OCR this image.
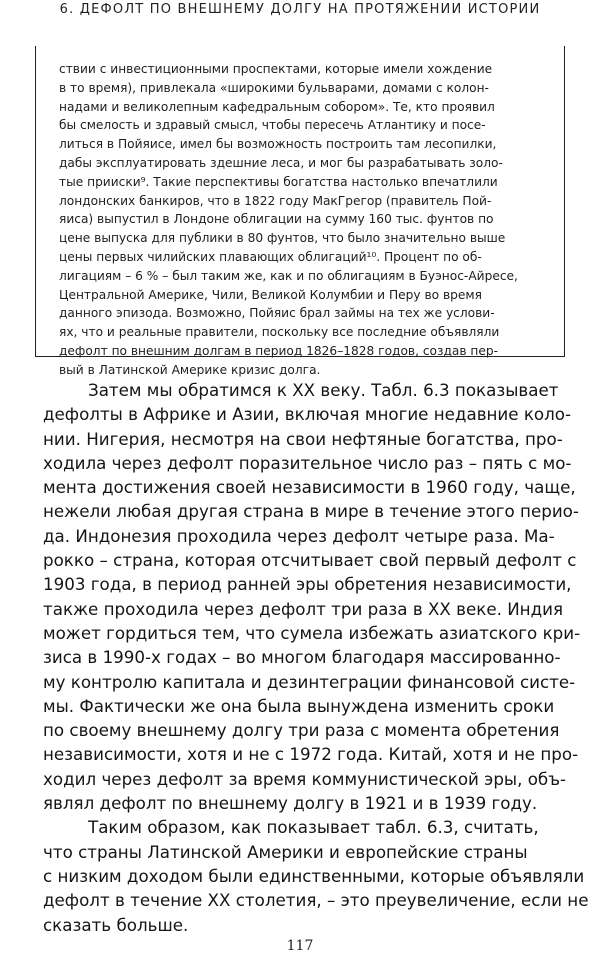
6. ДЕФОЛТ ПО ВНЕШНЕМУ ДОЛГУ НА ПРОТЯЖЕНИИ ИСТОРИИ
ствии с инвестиционными проспектами, которые имели хождение
в то время), привлекала «широкими бульварами, домами с колон-
надами и великолепным кафедральным собором». Те, кто проявил
бы смелость и здравый смысл, чтобы пересечь Атлантику и посе-
литься в Пойяисе, имел бы возможность построить там лесопилки,
дабы эксплуатировать здешние леса, и мог бы разрабатывать золо-
тые прииски⁹. Такие перспективы богатства настолько впечатлили
лондонских банкиров, что в 1822 году МакГрегор (правитель Пой-
яиса) выпустил в Лондоне облигации на сумму 160 тыс. фунтов по
цене выпуска для публики в 80 фунтов, что было значительно выше
цены первых чилийских плавающих облигаций¹⁰. Процент по об-
лигациям – 6 % – был таким же, как и по облигациям в Буэнос-Айресе,
Центральной Америке, Чили, Великой Колумбии и Перу во время
данного эпизода. Возможно, Пойяис брал займы на тех же услови-
ях, что и реальные правители, поскольку все последние объявляли
дефолт по внешним долгам в период 1826–1828 годов, создав пер-
вый в Латинской Америке кризис долга.
Затем мы обратимся к XX веку. Табл. 6.3 показывает
дефолты в Африке и Азии, включая многие недавние коло-
нии. Нигерия, несмотря на свои нефтяные богатства, про-
ходила через дефолт поразительное число раз – пять с мо-
мента достижения своей независимости в 1960 году, чаще,
нежели любая другая страна в мире в течение этого перио-
да. Индонезия проходила через дефолт четыре раза. Ма-
рокко – страна, которая отсчитывает свой первый дефолт с
1903 года, в период ранней эры обретения независимости,
также проходила через дефолт три раза в XX веке. Индия
может гордиться тем, что сумела избежать азиатского кри-
зиса в 1990-х годах – во многом благодаря массированно-
му контролю капитала и дезинтеграции финансовой систе-
мы. Фактически же она была вынуждена изменить сроки
по своему внешнему долгу три раза с момента обретения
независимости, хотя и не с 1972 года. Китай, хотя и не про-
ходил через дефолт за время коммунистической эры, объ-
являл дефолт по внешнему долгу в 1921 и в 1939 году.
Таким образом, как показывает табл. 6.3, считать,
что страны Латинской Америки и европейские страны
с низким доходом были единственными, которые объявляли
дефолт в течение XX столетия, – это преувеличение, если не
сказать больше.
117
